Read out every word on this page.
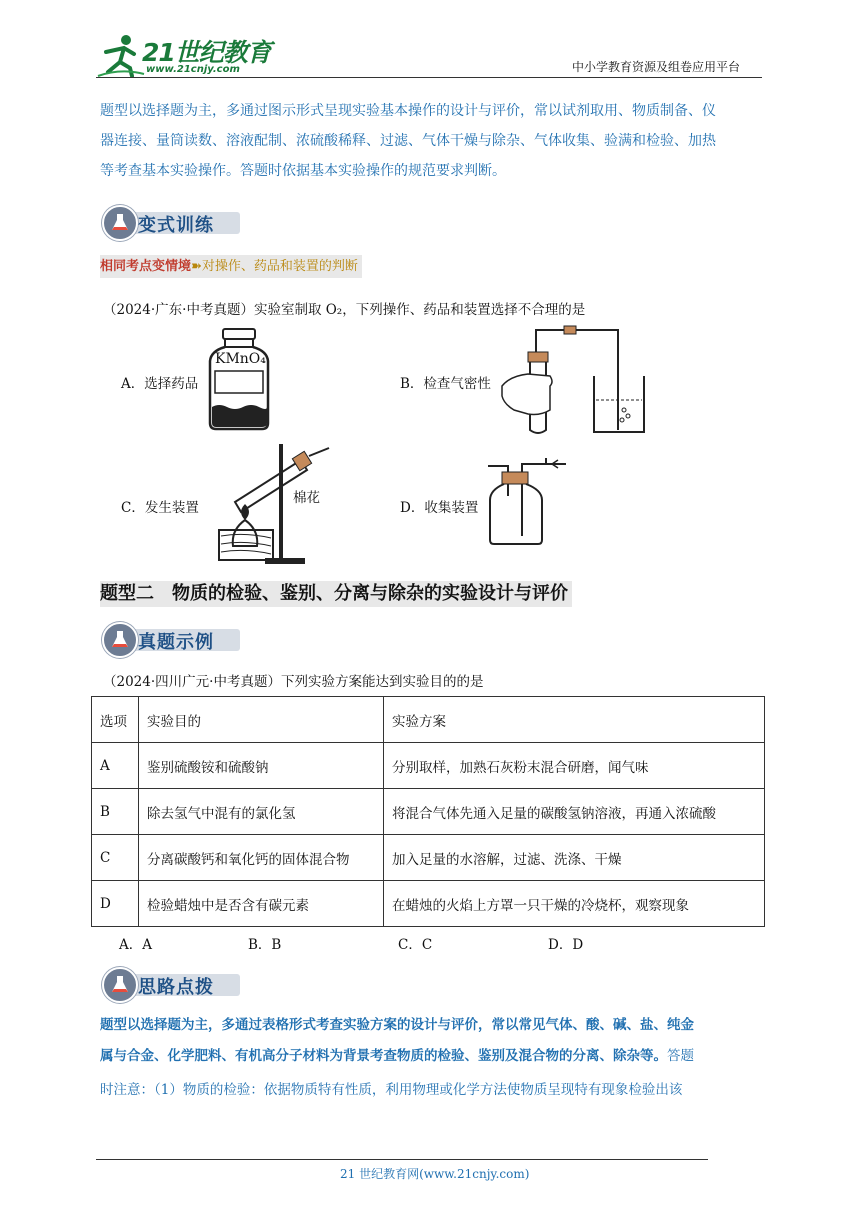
21世纪教育
www.21cnjy.com	中小学教育资源及组卷应用平台
题型以选择题为主，多通过图示形式呈现实验基本操作的设计与评价，常以试剂取用、物质制备、仪
器连接、量筒读数、溶液配制、浓硫酸稀释、过滤、气体干燥与除杂、气体收集、验满和检验、加热
等考查基本实验操作。答题时依据基本实验操作的规范要求判断。
变式训练
相同考点变情境➽对操作、药品和装置的判断
（2024·广东·中考真题）实验室制取 O₂，下列操作、药品和装置选择不合理的是
A．选择药品	B．检查气密性
C．发生装置	D．收集装置
KMnO₄
棉花
题型二　物质的检验、鉴别、分离与除杂的实验设计与评价
真题示例
（2024·四川广元·中考真题）下列实验方案能达到实验目的的是
选项	实验目的	实验方案
A	鉴别硫酸铵和硫酸钠	分别取样，加熟石灰粉末混合研磨，闻气味
B	除去氢气中混有的氯化氢	将混合气体先通入足量的碳酸氢钠溶液，再通入浓硫酸
C	分离碳酸钙和氧化钙的固体混合物	加入足量的水溶解，过滤、洗涤、干燥
D	检验蜡烛中是否含有碳元素	在蜡烛的火焰上方罩一只干燥的冷烧杯，观察现象
A．A	B．B	C．C	D．D
思路点拨
题型以选择题为主，多通过表格形式考查实验方案的设计与评价，常以常见气体、酸、碱、盐、纯金
属与合金、化学肥料、有机高分子材料为背景考查物质的检验、鉴别及混合物的分离、除杂等。答题
时注意：（1）物质的检验：依据物质特有性质，利用物理或化学方法使物质呈现特有现象检验出该
21 世纪教育网(www.21cnjy.com)
